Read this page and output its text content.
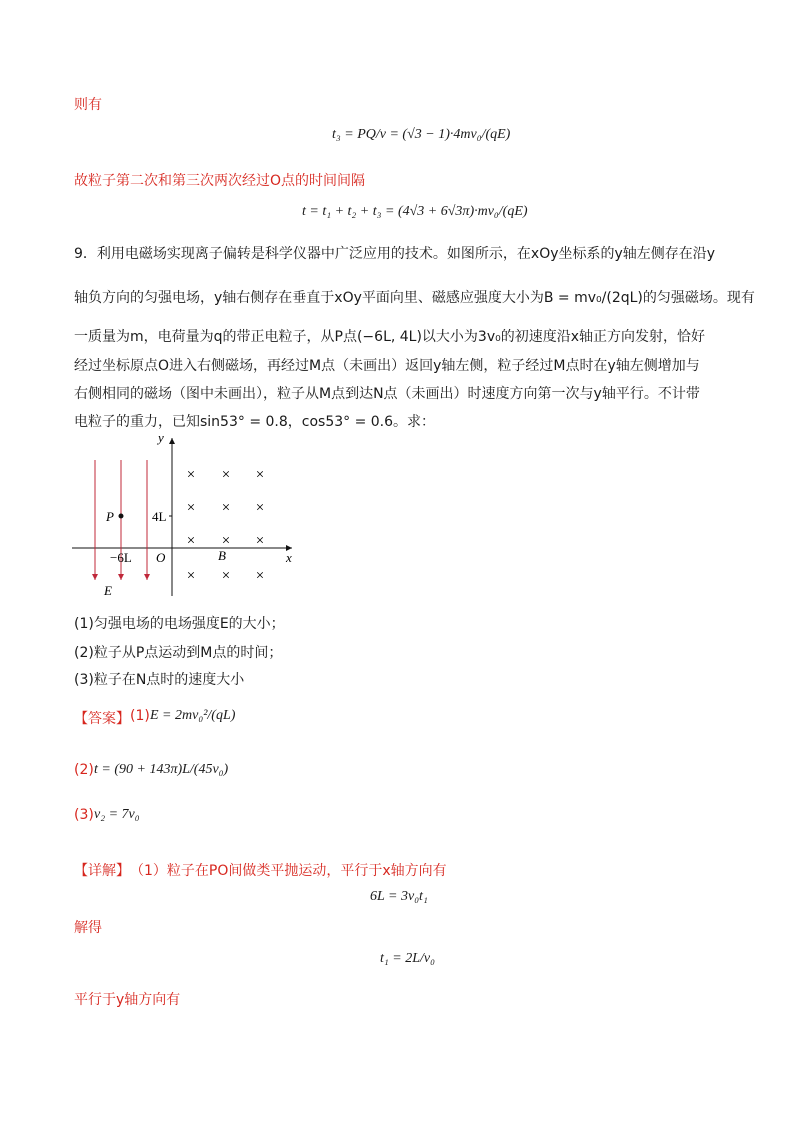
则有
t₃ = PQ/v = (√3 − 1)·4mv₀/(qE)
故粒子第二次和第三次两次经过O点的时间间隔
t = t₁ + t₂ + t₃ = (4√3 + 6√3π)·mv₀/(qE)
9．利用电磁场实现离子偏转是科学仪器中广泛应用的技术。如图所示，在xOy坐标系的y轴左侧存在沿y
轴负方向的匀强电场，y轴右侧存在垂直于xOy平面向里、磁感应强度大小为B = mv₀/(2qL)的匀强磁场。现有
一质量为m，电荷量为q的带正电粒子，从P点(−6L, 4L)以大小为3v₀的初速度沿x轴正方向发射，恰好
经过坐标原点O进入右侧磁场，再经过M点（未画出）返回y轴左侧，粒子经过M点时在y轴左侧增加与
右侧相同的磁场（图中未画出），粒子从M点到达N点（未画出）时速度方向第一次与y轴平行。不计带
电粒子的重力，已知sin53° = 0.8，cos53° = 0.6。求：
y
x
P	4L
O
−6L	B
E
× × ×
× × ×
× × ×
× × ×
(1)匀强电场的电场强度E的大小；
(2)粒子从P点运动到M点的时间；
(3)粒子在N点时的速度大小
【答案】 (1) E = 2mv₀²/(qL)
(2) t = (90 + 143π)L/(45v₀)
(3) v₂ = 7v₀
【详解】 （1）粒子在PO间做类平抛运动，平行于x轴方向有
6L = 3v₀t₁
解得
t₁ = 2L/v₀
平行于y轴方向有
